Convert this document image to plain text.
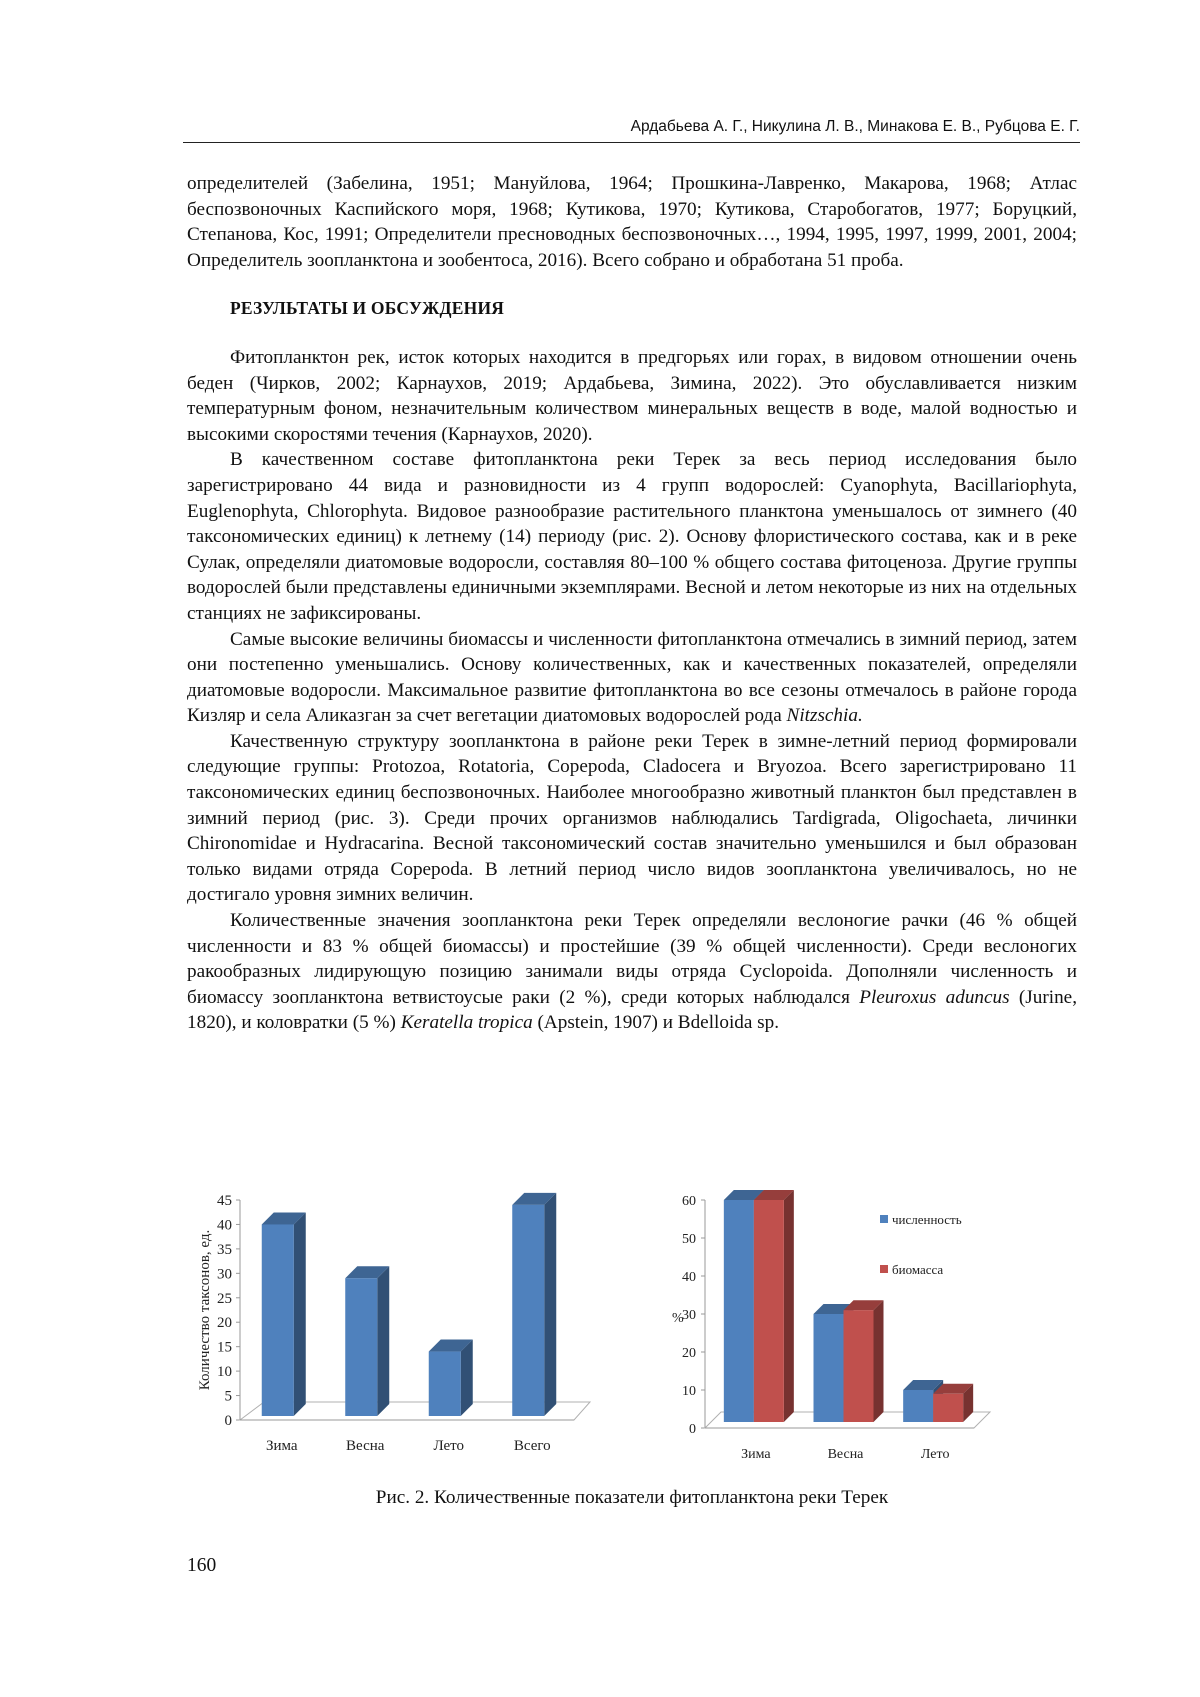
Ардабьева А. Г., Никулина Л. В., Минакова Е. В., Рубцова Е. Г.

определителей (Забелина, 1951; Мануйлова, 1964; Прошкина-Лавренко, Макарова, 1968; Атлас беспозвоночных Каспийского моря, 1968; Кутикова, 1970; Кутикова, Старобогатов, 1977; Боруцкий, Степанова, Кос, 1991; Определители пресноводных беспозвоночных…, 1994, 1995, 1997, 1999, 2001, 2004; Определитель зоопланктона и зообентоса, 2016). Всего собрано и обработана 51 проба.

РЕЗУЛЬТАТЫ И ОБСУЖДЕНИЯ

Фитопланктон рек, исток которых находится в предгорьях или горах, в видовом отношении очень беден (Чирков, 2002; Карнаухов, 2019; Ардабьева, Зимина, 2022). Это обуславливается низким температурным фоном, незначительным количеством минеральных веществ в воде, малой водностью и высокими скоростями течения (Карнаухов, 2020).

В качественном составе фитопланктона реки Терек за весь период исследования было зарегистрировано 44 вида и разновидности из 4 групп водорослей: Cyanophyta, Bacillariophyta, Euglenophyta, Chlorophyta. Видовое разнообразие растительного планктона уменьшалось от зимнего (40 таксономических единиц) к летнему (14) периоду (рис. 2). Основу флористического состава, как и в реке Сулак, определяли диатомовые водоросли, составляя 80–100 % общего состава фитоценоза. Другие группы водорослей были представлены единичными экземплярами. Весной и летом некоторые из них на отдельных станциях не зафиксированы.

Самые высокие величины биомассы и численности фитопланктона отмечались в зимний период, затем они постепенно уменьшались. Основу количественных, как и качественных показателей, определяли диатомовые водоросли. Максимальное развитие фитопланктона во все сезоны отмечалось в районе города Кизляр и села Аликазган за счет вегетации диатомовых водорослей рода Nitzschia.

Качественную структуру зоопланктона в районе реки Терек в зимне-летний период формировали следующие группы: Protozoa, Rotatoria, Copepoda, Cladocera и Bryozoa. Всего зарегистрировано 11 таксономических единиц беспозвоночных. Наиболее многообразно животный планктон был представлен в зимний период (рис. 3). Среди прочих организмов наблюдались Tardigrada, Oligochaeta, личинки Chironomidae и Hydracarina. Весной таксономический состав значительно уменьшился и был образован только видами отряда Copepoda. В летний период число видов зоопланктона увеличивалось, но не достигало уровня зимних величин.

Количественные значения зоопланктона реки Терек определяли веслоногие рачки (46 % общей численности и 83 % общей биомассы) и простейшие (39 % общей численности). Среди веслоногих ракообразных лидирующую позицию занимали виды отряда Cyclopoida. Дополняли численность и биомассу зоопланктона ветвистоусые раки (2 %), среди которых наблюдался Pleuroxus aduncus (Jurine, 1820), и коловратки (5 %) Keratella tropica (Apstein, 1907) и Bdelloida sp.

0
5
10
15
20
25
30
35
40
45
Зима	Весна	Лето	Всего
Количество таксонов, ед.
0
10
20
30
40
50
60
%
Зима	Весна	Лето
численность
биомасса
Рис. 2. Количественные показатели фитопланктона реки Терек
160
